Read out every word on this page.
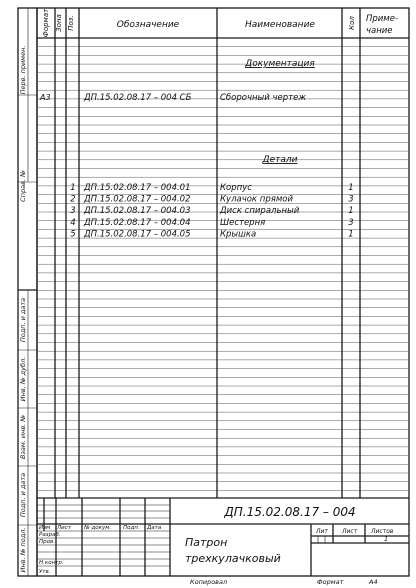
Формат Зона Поз.	Обозначение	Наименование	Кол Приме-
чание
Документация
Детали
А3	ДП.15.02.08.17 – 004 СБ	Сборочный чертеж
1 ДП.15.02.08.17 – 004.01	Корпус	1
2 ДП.15.02.08.17 – 004.02	Кулачок прямой	3
3 ДП.15.02.08.17 – 004.03	Диск спиральный	1
4 ДП.15.02.08.17 – 004.04	Шестерня	3
5 ДП.15.02.08.17 – 004.05	Крышка	1
Перв. примен.
Справ. №
Подп. и дата
Инв. № дубл.
Взам. инв. №
Подп. и дата
Инв. № подл. Изм Лист № докум. Подп. Дата
Разраб.
Пров.
Н.контр.
Утв.
ДП.15.02.08.17 – 004
Патрон
трехкулачковый
Лит Лист Листов
1
Копировал	Формат	А4
